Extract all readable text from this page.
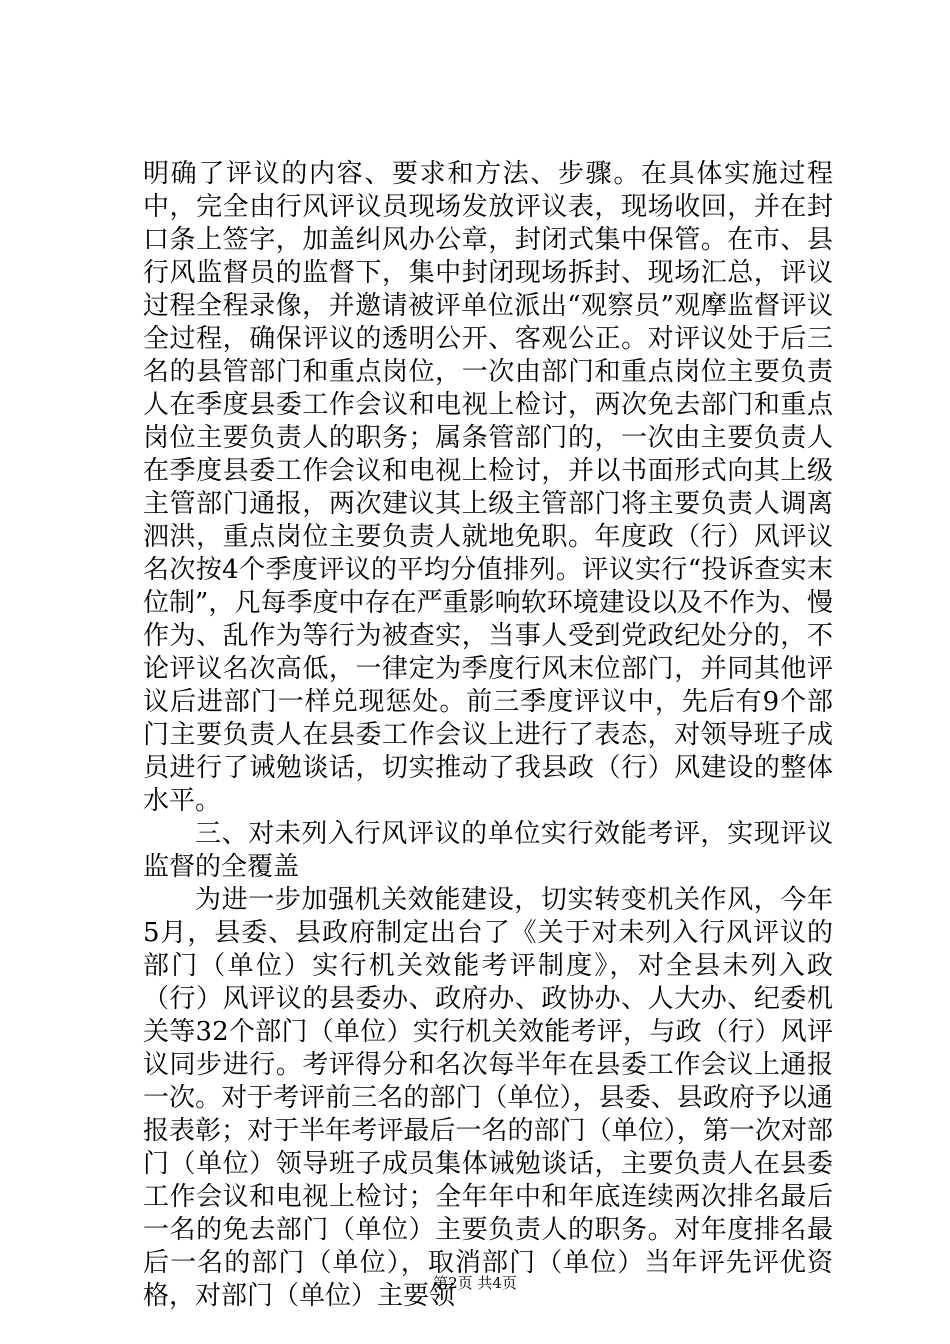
明确了评议的内容、要求和方法、步骤。在具体实施过程中，完全由行风评议员现场发放评议表，现场收回，并在封口条上签字，加盖纠风办公章，封闭式集中保管。在市、县行风监督员的监督下，集中封闭现场拆封、现场汇总，评议过程全程录像，并邀请被评单位派出“观察员”观摩监督评议全过程，确保评议的透明公开、客观公正。对评议处于后三名的县管部门和重点岗位，一次由部门和重点岗位主要负责人在季度县委工作会议和电视上检讨，两次免去部门和重点岗位主要负责人的职务；属条管部门的，一次由主要负责人在季度县委工作会议和电视上检讨，并以书面形式向其上级主管部门通报，两次建议其上级主管部门将主要负责人调离泗洪，重点岗位主要负责人就地免职。年度政（行）风评议名次按4个季度评议的平均分值排列。评议实行“投诉查实末位制”，凡每季度中存在严重影响软环境建设以及不作为、慢作为、乱作为等行为被查实，当事人受到党政纪处分的，不论评议名次高低，一律定为季度行风末位部门，并同其他评议后进部门一样兑现惩处。前三季度评议中，先后有9个部门主要负责人在县委工作会议上进行了表态，对领导班子成员进行了诫勉谈话，切实推动了我县政（行）风建设的整体水平。

三、对未列入行风评议的单位实行效能考评，实现评议监督的全覆盖

为进一步加强机关效能建设，切实转变机关作风，今年5月，县委、县政府制定出台了《关于对未列入行风评议的部门（单位）实行机关效能考评制度》，对全县未列入政（行）风评议的县委办、政府办、政协办、人大办、纪委机关等32个部门（单位）实行机关效能考评，与政（行）风评议同步进行。考评得分和名次每半年在县委工作会议上通报一次。对于考评前三名的部门（单位），县委、县政府予以通报表彰；对于半年考评最后一名的部门（单位），第一次对部门（单位）领导班子成员集体诫勉谈话，主要负责人在县委工作会议和电视上检讨；全年年中和年底连续两次排名最后一名的免去部门（单位）主要负责人的职务。对年度排名最后一名的部门（单位），取消部门（单位）当年评先评优资格，对部门（单位）主要领

第2页 共4页
